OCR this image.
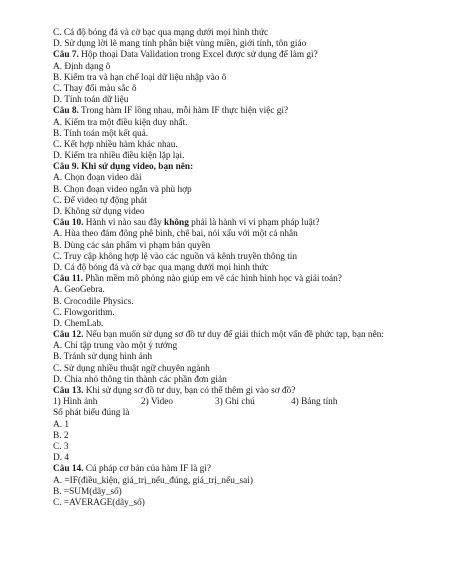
C. Cá độ bóng đá và cờ bạc qua mạng dưới mọi hình thức
D. Sử dụng lời lẽ mang tính phân biệt vùng miền, giới tính, tôn giáo
Câu 7. Hộp thoại Data Validation trong Excel được sử dụng để làm gì?
A. Định dạng ô
B. Kiểm tra và hạn chế loại dữ liệu nhập vào ô
C. Thay đổi màu sắc ô
D. Tính toán dữ liệu
Câu 8. Trong hàm IF lồng nhau, mỗi hàm IF thực hiện việc gì?
A. Kiểm tra một điều kiện duy nhất.
B. Tính toán một kết quả.
C. Kết hợp nhiều hàm khác nhau.
D. Kiểm tra nhiều điều kiện lặp lại.
Câu 9. Khi sử dụng video, bạn nên:
A. Chọn đoạn video dài
B. Chọn đoạn video ngắn và phù hợp
C. Để video tự động phát
D. Không sử dụng video
Câu 10. Hành vi nào sau đây không phải là hành vi vi phạm pháp luật?
A. Hùa theo đám đông phê bình, chê bai, nói xấu với một cá nhân
B. Dùng các sản phẩm vi phạm bản quyền
C. Truy cập không hợp lệ vào các nguồn và kênh truyền thông tin
D. Cá độ bóng đá và cờ bạc qua mạng dưới mọi hình thức
Câu 11. Phần mềm mô phỏng nào giúp em vẽ các hình hình học và giải toán?
A. GeoGebra.
B. Crocodile Physics.
C. Flowgorithm.
D. ChemLab.
Câu 12. Nếu bạn muốn sử dụng sơ đồ tư duy để giải thích một vấn đề phức tạp, bạn nên:
A. Chỉ tập trung vào một ý tưởng
B. Tránh sử dụng hình ảnh
C. Sử dụng nhiều thuật ngữ chuyên ngành
D. Chia nhỏ thông tin thành các phần đơn giản
Câu 13. Khi sử dụng sơ đồ tư duy, bạn có thể thêm gì vào sơ đồ?
1) Hình ảnh	2) Video	3) Ghi chú	4) Bảng tính
Số phát biểu đúng là
A. 1
B. 2
C. 3
D. 4
Câu 14. Cú pháp cơ bản của hàm IF là gì?
A. =IF(điều_kiện, giá_trị_nếu_đúng, giá_trị_nếu_sai)
B. =SUM(dãy_số)
C. =AVERAGE(dãy_số)
